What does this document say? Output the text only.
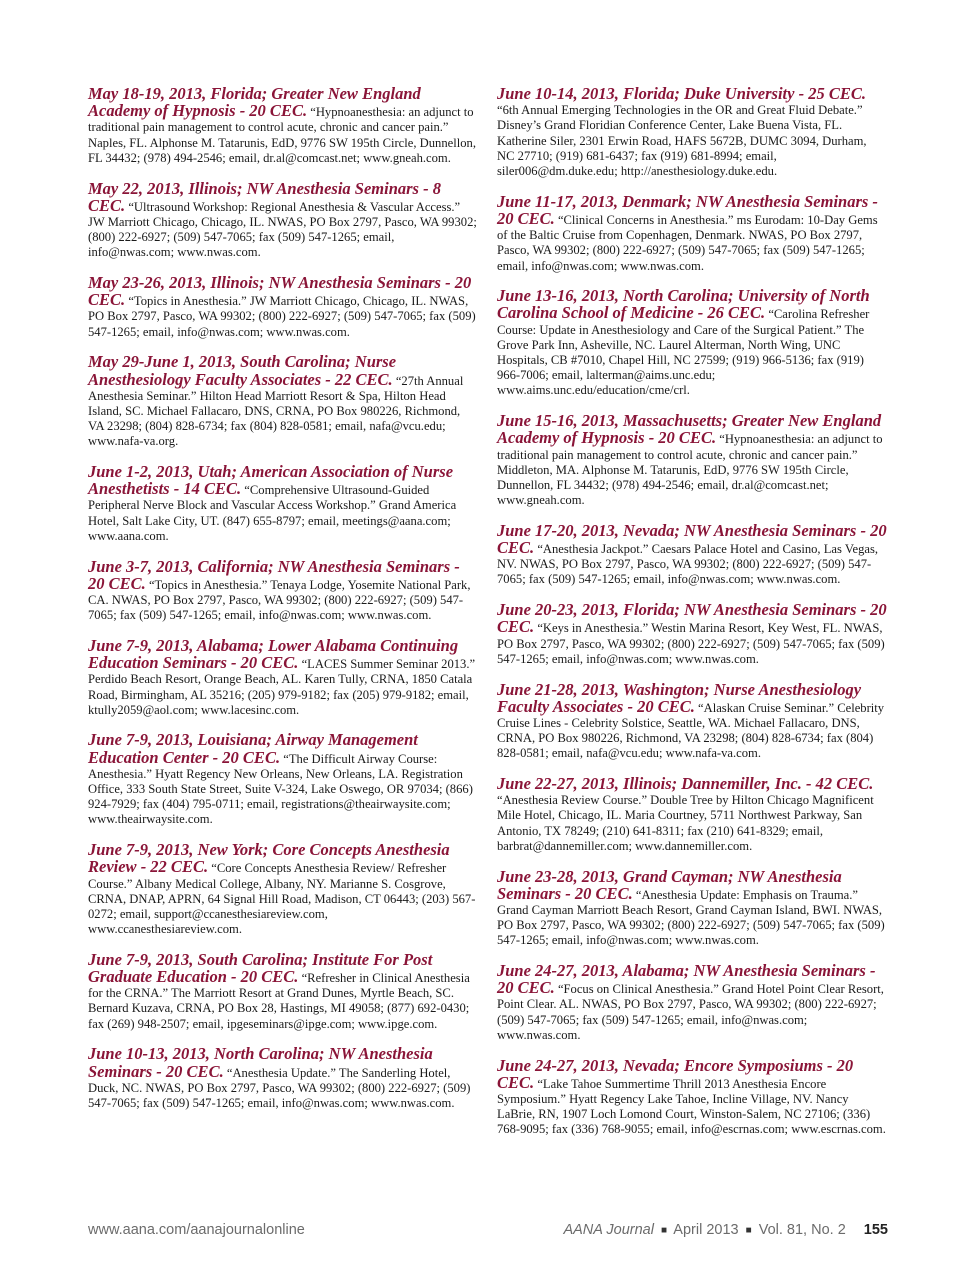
May 18-19, 2013, Florida; Greater New England Academy of Hypnosis - 20 CEC. “Hypnoanesthesia: an adjunct to traditional pain management to control acute, chronic and cancer pain.” Naples, FL. Alphonse M. Tatarunis, EdD, 9776 SW 195th Circle, Dunnellon, FL 34432; (978) 494-2546; email, dr.al@comcast.net; www.gneah.com.

May 22, 2013, Illinois; NW Anesthesia Seminars - 8 CEC. “Ultrasound Workshop: Regional Anesthesia & Vascular Access.” JW Marriott Chicago, Chicago, IL. NWAS, PO Box 2797, Pasco, WA 99302; (800) 222-6927; (509) 547-7065; fax (509) 547-1265; email, info@nwas.com; www.nwas.com.

May 23-26, 2013, Illinois; NW Anesthesia Seminars - 20 CEC. “Topics in Anesthesia.” JW Marriott Chicago, Chicago, IL. NWAS, PO Box 2797, Pasco, WA 99302; (800) 222-6927; (509) 547-7065; fax (509) 547-1265; email, info@nwas.com; www.nwas.com.

May 29-June 1, 2013, South Carolina; Nurse Anesthesiology Faculty Associates - 22 CEC. “27th Annual Anesthesia Seminar.” Hilton Head Marriott Resort & Spa, Hilton Head Island, SC. Michael Fallacaro, DNS, CRNA, PO Box 980226, Richmond, VA 23298; (804) 828-6734; fax (804) 828-0581; email, nafa@vcu.edu; www.nafa-va.org.

June 1-2, 2013, Utah; American Association of Nurse Anesthetists - 14 CEC. “Comprehensive Ultrasound-Guided Peripheral Nerve Block and Vascular Access Workshop.” Grand America Hotel, Salt Lake City, UT. (847) 655-8797; email, meetings@aana.com; www.aana.com.

June 3-7, 2013, California; NW Anesthesia Seminars - 20 CEC. “Topics in Anesthesia.” Tenaya Lodge, Yosemite National Park, CA. NWAS, PO Box 2797, Pasco, WA 99302; (800) 222-6927; (509) 547-7065; fax (509) 547-1265; email, info@nwas.com; www.nwas.com.

June 7-9, 2013, Alabama; Lower Alabama Continuing Education Seminars - 20 CEC. “LACES Summer Seminar 2013.” Perdido Beach Resort, Orange Beach, AL. Karen Tully, CRNA, 1850 Catala Road, Birmingham, AL 35216; (205) 979-9182; fax (205) 979-9182; email, ktully2059@aol.com; www.lacesinc.com.

June 7-9, 2013, Louisiana; Airway Management Education Center - 20 CEC. “The Difficult Airway Course: Anesthesia.” Hyatt Regency New Orleans, New Orleans, LA. Registration Office, 333 South State Street, Suite V-324, Lake Oswego, OR 97034; (866) 924-7929; fax (404) 795-0711; email, registrations@theairwaysite.com; www.theairwaysite.com.

June 7-9, 2013, New York; Core Concepts Anesthesia Review - 22 CEC. “Core Concepts Anesthesia Review/ Refresher Course.” Albany Medical College, Albany, NY. Marianne S. Cosgrove, CRNA, DNAP, APRN, 64 Signal Hill Road, Madison, CT 06443; (203) 567-0272; email, support@ccanesthesiareview.com, www.ccanesthesiareview.com.

June 7-9, 2013, South Carolina; Institute For Post Graduate Education - 20 CEC. “Refresher in Clinical Anesthesia for the CRNA.” The Marriott Resort at Grand Dunes, Myrtle Beach, SC. Bernard Kuzava, CRNA, PO Box 28, Hastings, MI 49058; (877) 692-0430; fax (269) 948-2507; email, ipgeseminars@ipge.com; www.ipge.com.

June 10-13, 2013, North Carolina; NW Anesthesia Seminars - 20 CEC. “Anesthesia Update.” The Sanderling Hotel, Duck, NC. NWAS, PO Box 2797, Pasco, WA 99302; (800) 222-6927; (509) 547-7065; fax (509) 547-1265; email, info@nwas.com; www.nwas.com.

June 10-14, 2013, Florida; Duke University - 25 CEC. “6th Annual Emerging Technologies in the OR and Great Fluid Debate.” Disney’s Grand Floridian Conference Center, Lake Buena Vista, FL. Katherine Siler, 2301 Erwin Road, HAFS 5672B, DUMC 3094, Durham, NC 27710; (919) 681-6437; fax (919) 681-8994; email, siler006@dm.duke.edu; http://anesthesiology.duke.edu.

June 11-17, 2013, Denmark; NW Anesthesia Seminars - 20 CEC. “Clinical Concerns in Anesthesia.” ms Eurodam: 10-Day Gems of the Baltic Cruise from Copenhagen, Denmark. NWAS, PO Box 2797, Pasco, WA 99302; (800) 222-6927; (509) 547-7065; fax (509) 547-1265; email, info@nwas.com; www.nwas.com.

June 13-16, 2013, North Carolina; University of North Carolina School of Medicine - 26 CEC. “Carolina Refresher Course: Update in Anesthesiology and Care of the Surgical Patient.” The Grove Park Inn, Asheville, NC. Laurel Alterman, North Wing, UNC Hospitals, CB #7010, Chapel Hill, NC 27599; (919) 966-5136; fax (919) 966-7006; email, lalterman@aims.unc.edu; www.aims.unc.edu/education/cme/crl.

June 15-16, 2013, Massachusetts; Greater New England Academy of Hypnosis - 20 CEC. “Hypnoanesthesia: an adjunct to traditional pain management to control acute, chronic and cancer pain.” Middleton, MA. Alphonse M. Tatarunis, EdD, 9776 SW 195th Circle, Dunnellon, FL 34432; (978) 494-2546; email, dr.al@comcast.net; www.gneah.com.

June 17-20, 2013, Nevada; NW Anesthesia Seminars - 20 CEC. “Anesthesia Jackpot.” Caesars Palace Hotel and Casino, Las Vegas, NV. NWAS, PO Box 2797, Pasco, WA 99302; (800) 222-6927; (509) 547-7065; fax (509) 547-1265; email, info@nwas.com; www.nwas.com.

June 20-23, 2013, Florida; NW Anesthesia Seminars - 20 CEC. “Keys in Anesthesia.” Westin Marina Resort, Key West, FL. NWAS, PO Box 2797, Pasco, WA 99302; (800) 222-6927; (509) 547-7065; fax (509) 547-1265; email, info@nwas.com; www.nwas.com.

June 21-28, 2013, Washington; Nurse Anesthesiology Faculty Associates - 20 CEC. “Alaskan Cruise Seminar.” Celebrity Cruise Lines - Celebrity Solstice, Seattle, WA. Michael Fallacaro, DNS, CRNA, PO Box 980226, Richmond, VA 23298; (804) 828-6734; fax (804) 828-0581; email, nafa@vcu.edu; www.nafa-va.com.

June 22-27, 2013, Illinois; Dannemiller, Inc. - 42 CEC. “Anesthesia Review Course.” Double Tree by Hilton Chicago Magnificent Mile Hotel, Chicago, IL. Maria Courtney, 5711 Northwest Parkway, San Antonio, TX 78249; (210) 641-8311; fax (210) 641-8329; email, barbrat@dannemiller.com; www.dannemiller.com.

June 23-28, 2013, Grand Cayman; NW Anesthesia Seminars - 20 CEC. “Anesthesia Update: Emphasis on Trauma.” Grand Cayman Marriott Beach Resort, Grand Cayman Island, BWI. NWAS, PO Box 2797, Pasco, WA 99302; (800) 222-6927; (509) 547-7065; fax (509) 547-1265; email, info@nwas.com; www.nwas.com.

June 24-27, 2013, Alabama; NW Anesthesia Seminars - 20 CEC. “Focus on Clinical Anesthesia.” Grand Hotel Point Clear Resort, Point Clear. AL. NWAS, PO Box 2797, Pasco, WA 99302; (800) 222-6927; (509) 547-7065; fax (509) 547-1265; email, info@nwas.com; www.nwas.com.

June 24-27, 2013, Nevada; Encore Symposiums - 20 CEC. “Lake Tahoe Summertime Thrill 2013 Anesthesia Encore Symposium.” Hyatt Regency Lake Tahoe, Incline Village, NV. Nancy LaBrie, RN, 1907 Loch Lomond Court, Winston-Salem, NC 27106; (336) 768-9095; fax (336) 768-9055; email, info@escrnas.com; www.escrnas.com.

www.aana.com/aanajournalonline	AANA Journal ■ April 2013 ■ Vol. 81, No. 2 155
